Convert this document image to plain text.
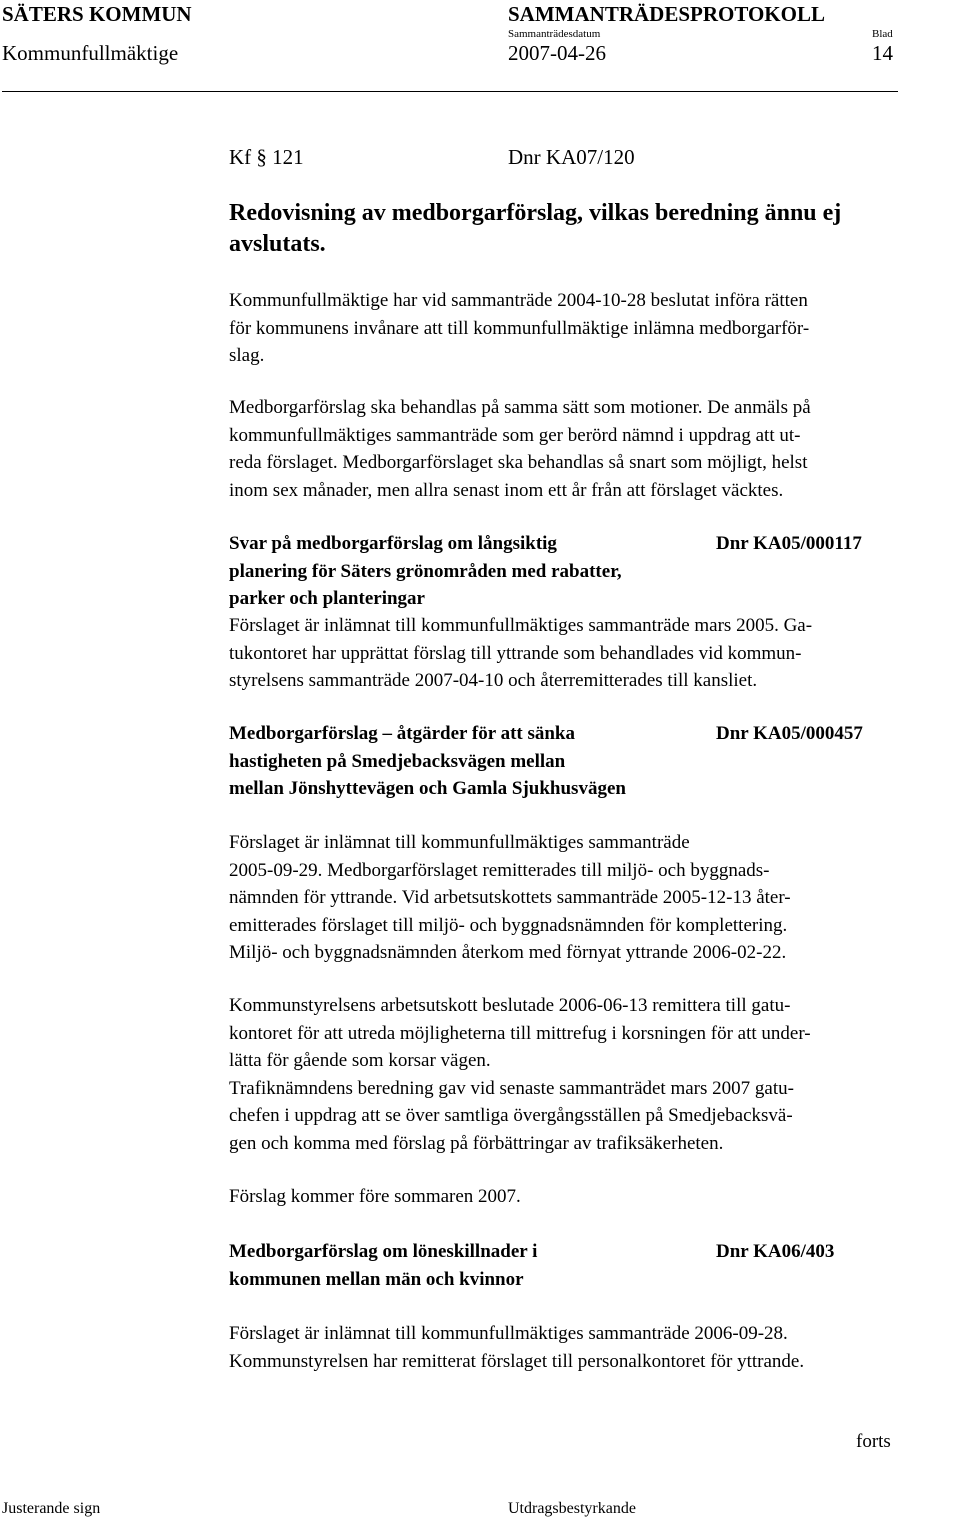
SÄTERS KOMMUN	SAMMANTRÄDESPROTOKOLL
Kommunfullmäktige
Sammanträdesdatum
2007-04-26
Blad
14
Kf § 121	Dnr KA07/120
Redovisning av medborgarförslag, vilkas beredning ännu ej
avslutats.
Kommunfullmäktige har vid sammanträde 2004-10-28 beslutat införa rätten
för kommunens invånare att till kommunfullmäktige inlämna medborgarför-
slag.
Medborgarförslag ska behandlas på samma sätt som motioner. De anmäls på
kommunfullmäktiges sammanträde som ger berörd nämnd i uppdrag att ut-
reda förslaget. Medborgarförslaget ska behandlas så snart som möjligt, helst
inom sex månader, men allra senast inom ett år från att förslaget väcktes.
Svar på medborgarförslag om långsiktig
planering för Säters grönområden med rabatter,
parker och planteringar
Dnr KA05/000117
Förslaget är inlämnat till kommunfullmäktiges sammanträde mars 2005. Ga-
tukontoret har upprättat förslag till yttrande som behandlades vid kommun-
styrelsens sammanträde 2007-04-10 och återremitterades till kansliet.
Medborgarförslag – åtgärder för att sänka
hastigheten på Smedjebacksvägen mellan
mellan Jönshyttevägen och Gamla Sjukhusvägen
Dnr KA05/000457
Förslaget är inlämnat till kommunfullmäktiges sammanträde
2005-09-29. Medborgarförslaget remitterades till miljö- och byggnads-
nämnden för yttrande. Vid arbetsutskottets sammanträde 2005-12-13 åter-
emitterades förslaget till miljö- och byggnadsnämnden för komplettering.
Miljö- och byggnadsnämnden återkom med förnyat yttrande 2006-02-22.
Kommunstyrelsens arbetsutskott beslutade 2006-06-13 remittera till gatu-
kontoret för att utreda möjligheterna till mittrefug i korsningen för att under-
lätta för gående som korsar vägen.
Trafiknämndens beredning gav vid senaste sammanträdet mars 2007 gatu-
chefen i uppdrag att se över samtliga övergångsställen på Smedjebacksvä-
gen och komma med förslag på förbättringar av trafiksäkerheten.
Förslag kommer före sommaren 2007.
Medborgarförslag om löneskillnader i
kommunen mellan män och kvinnor
Dnr KA06/403
Förslaget är inlämnat till kommunfullmäktiges sammanträde 2006-09-28.
Kommunstyrelsen har remitterat förslaget till personalkontoret för yttrande.
forts
Justerande sign	Utdragsbestyrkande
